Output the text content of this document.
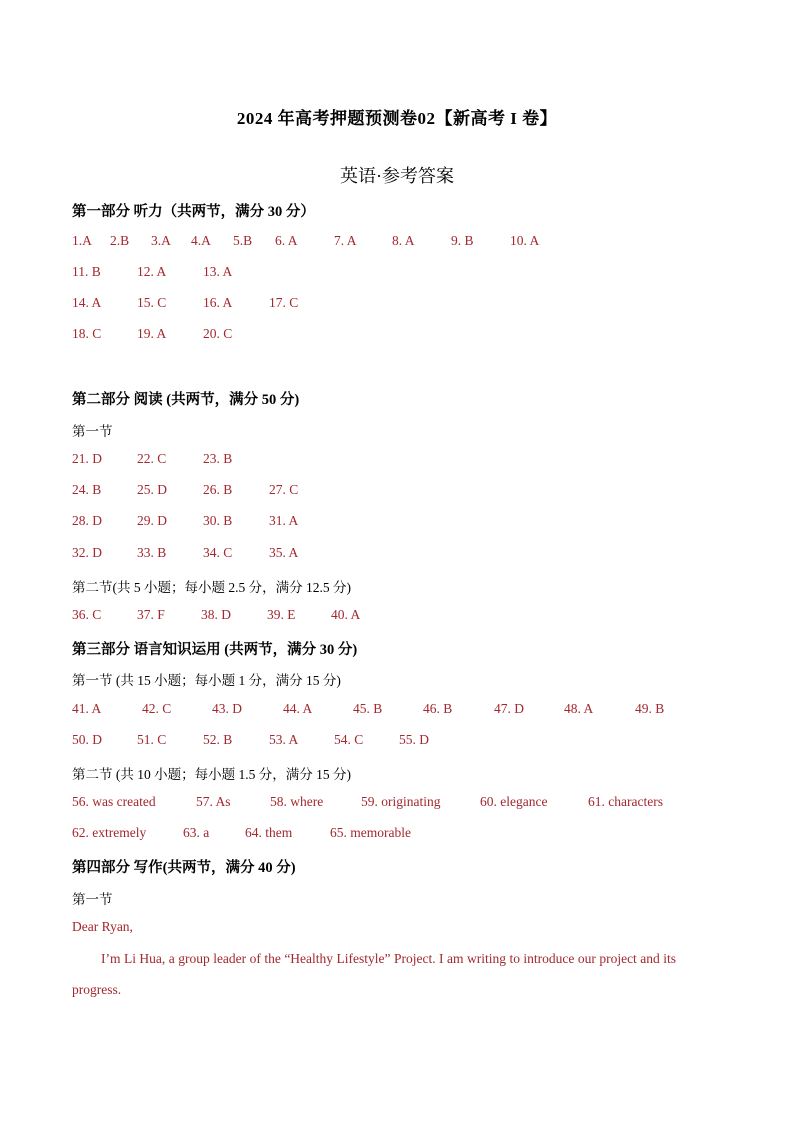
2024 年高考押题预测卷02【新高考 I 卷】
英语·参考答案
第一部分 听力（共两节，满分 30 分）
1.A 2.B 3.A 4.A 5.B 6. A	7. A	8. A	9. B	10. A
11. B	12. A	13. A
14. A	15. C	16. A	17. C
18. C	19. A	20. C
第二部分 阅读 (共两节，满分 50 分)
第一节
21. D	22. C	23. B
24. B	25. D	26. B	27. C
28. D	29. D	30. B	31. A
32. D	33. B	34. C	35. A
第二节(共 5 小题；每小题 2.5 分，满分 12.5 分)
36. C	37. F	38. D	39. E	40. A
第三部分 语言知识运用 (共两节，满分 30 分)
第一节 (共 15 小题；每小题 1 分，满分 15 分)
41. A	42. C	43. D	44. A	45. B	46. B	47. D	48. A	49. B
50. D	51. C	52. B	53. A	54. C	55. D
第二节 (共 10 小题；每小题 1.5 分，满分 15 分)
56. was created	57. As	58. where	59. originating	60. elegance	61. characters
62. extremely	63. a	64. them	65. memorable
第四部分 写作(共两节，满分 40 分)
第一节
Dear Ryan,
I’m Li Hua, a group leader of the “Healthy Lifestyle” Project. I am writing to introduce our project and its progress.
